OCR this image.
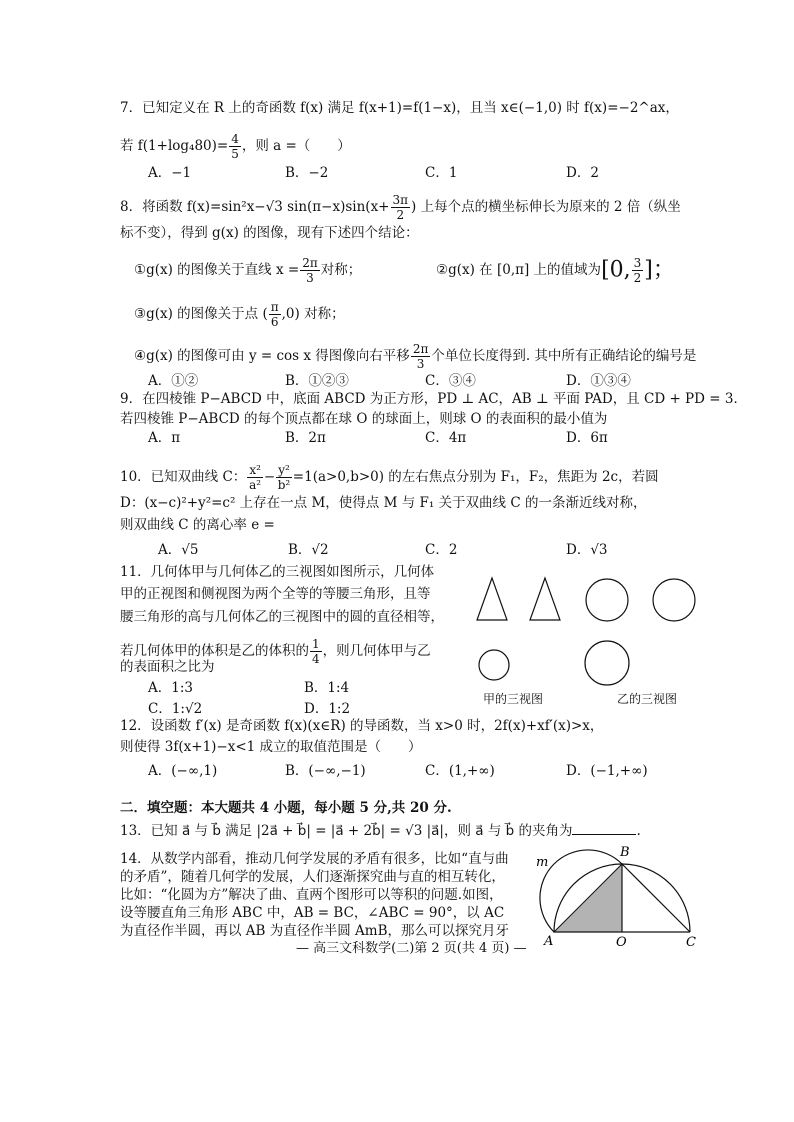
7．已知定义在 R 上的奇函数 f(x) 满足 f(x+1)=f(1−x)，且当 x∈(−1,0) 时 f(x)=−2^ax，
若 $f(1+\log_480)= \frac{4}{5}$ ，则 a =（　　）
A．−1	B．−2	C．1	D．2
8．将函数 f(x)=sin²x−√3 $\sin(\pi-x)\sin(x+ \frac{3\pi}{2}$ ) 上每个点的横坐标伸长为原来的 2 倍（纵坐
标不变），得到 g(x) 的图像，现有下述四个结论：
①g(x) 的图像关于直线 $x = \frac{2\pi}{3}$ 对称；	②g(x) 在 [0,π] 上的值域为[0, $\frac{3}{2}$ ]；
③g(x) 的图像关于点 ( $\frac{\pi}{6} ,0$) 对称；
④g(x) 的图像可由 y = cos x 得图像向右平移 $\frac{2\pi}{3}$ 个单位长度得到. 其中所有正确结论的编号是
A．①②	B．①②③	C．③④	D．①③④
9．在四棱锥 P−ABCD 中，底面 ABCD 为正方形，PD ⊥ AC，AB ⊥ 平面 PAD，且 CD + PD = 3．
若四棱锥 P−ABCD 的每个顶点都在球 O 的球面上，则球 O 的表面积的最小值为
A．π	B．2π	C．4π	D．6π
10．已知双曲线 C： $\frac{\text{x²}}{\text{a²}} - \frac{\text{y²}}{\text{b²}} =1(a>0,b>0)$ 的左右焦点分别为 F₁，F₂，焦距为 2c，若圆
D：(x−c)²+y²=c² 上存在一点 M，使得点 M 与 F₁ 关于双曲线 C 的一条渐近线对称，
则双曲线 C 的离心率 e =
A．√5	B．√2	C．2	D．√3
11．几何体甲与几何体乙的三视图如图所示，几何体
甲的正视图和侧视图为两个全等的等腰三角形，且等
腰三角形的高与几何体乙的三视图中的圆的直径相等，
若几何体甲的体积是乙的体积的 $\frac{1}{4}$ ，则几何体甲与乙
的表面积之比为
A．1:3	B．1:4
C．1:√2	D．1:2
甲的三视图	乙的三视图
12．设函数 f′(x) 是奇函数 f(x)(x∈R) 的导函数，当 x>0 时，2f(x)+xf′(x)>x，
则使得 3f(x+1)−x<1 成立的取值范围是（　　）
A．(−∞,1)	B．(−∞,−1)	C．(1,+∞)	D．(−1,+∞)
二．填空题：本大题共 4 小题，每小题 5 分,共 20 分.
13．已知 a⃗ 与 b⃗ 满足 |2a⃗ + b⃗| = |a⃗ + 2b⃗| = √3 |a⃗|，则 a⃗ 与 b⃗ 的夹角为	.
14．从数学内部看，推动几何学发展的矛盾有很多，比如“直与曲
的矛盾”，随着几何学的发展，人们逐渐探究曲与直的相互转化，
比如：“化圆为方”解决了曲、直两个图形可以等积的问题.如图，
设等腰直角三角形 ABC 中，AB = BC，∠ABC = 90°，以 AC
为直径作半圆，再以 AB 为直径作半圆 AmB，那么可以探究月牙
m
B
A	O	C
— 高三文科数学(二)第 2 页(共 4 页) —
